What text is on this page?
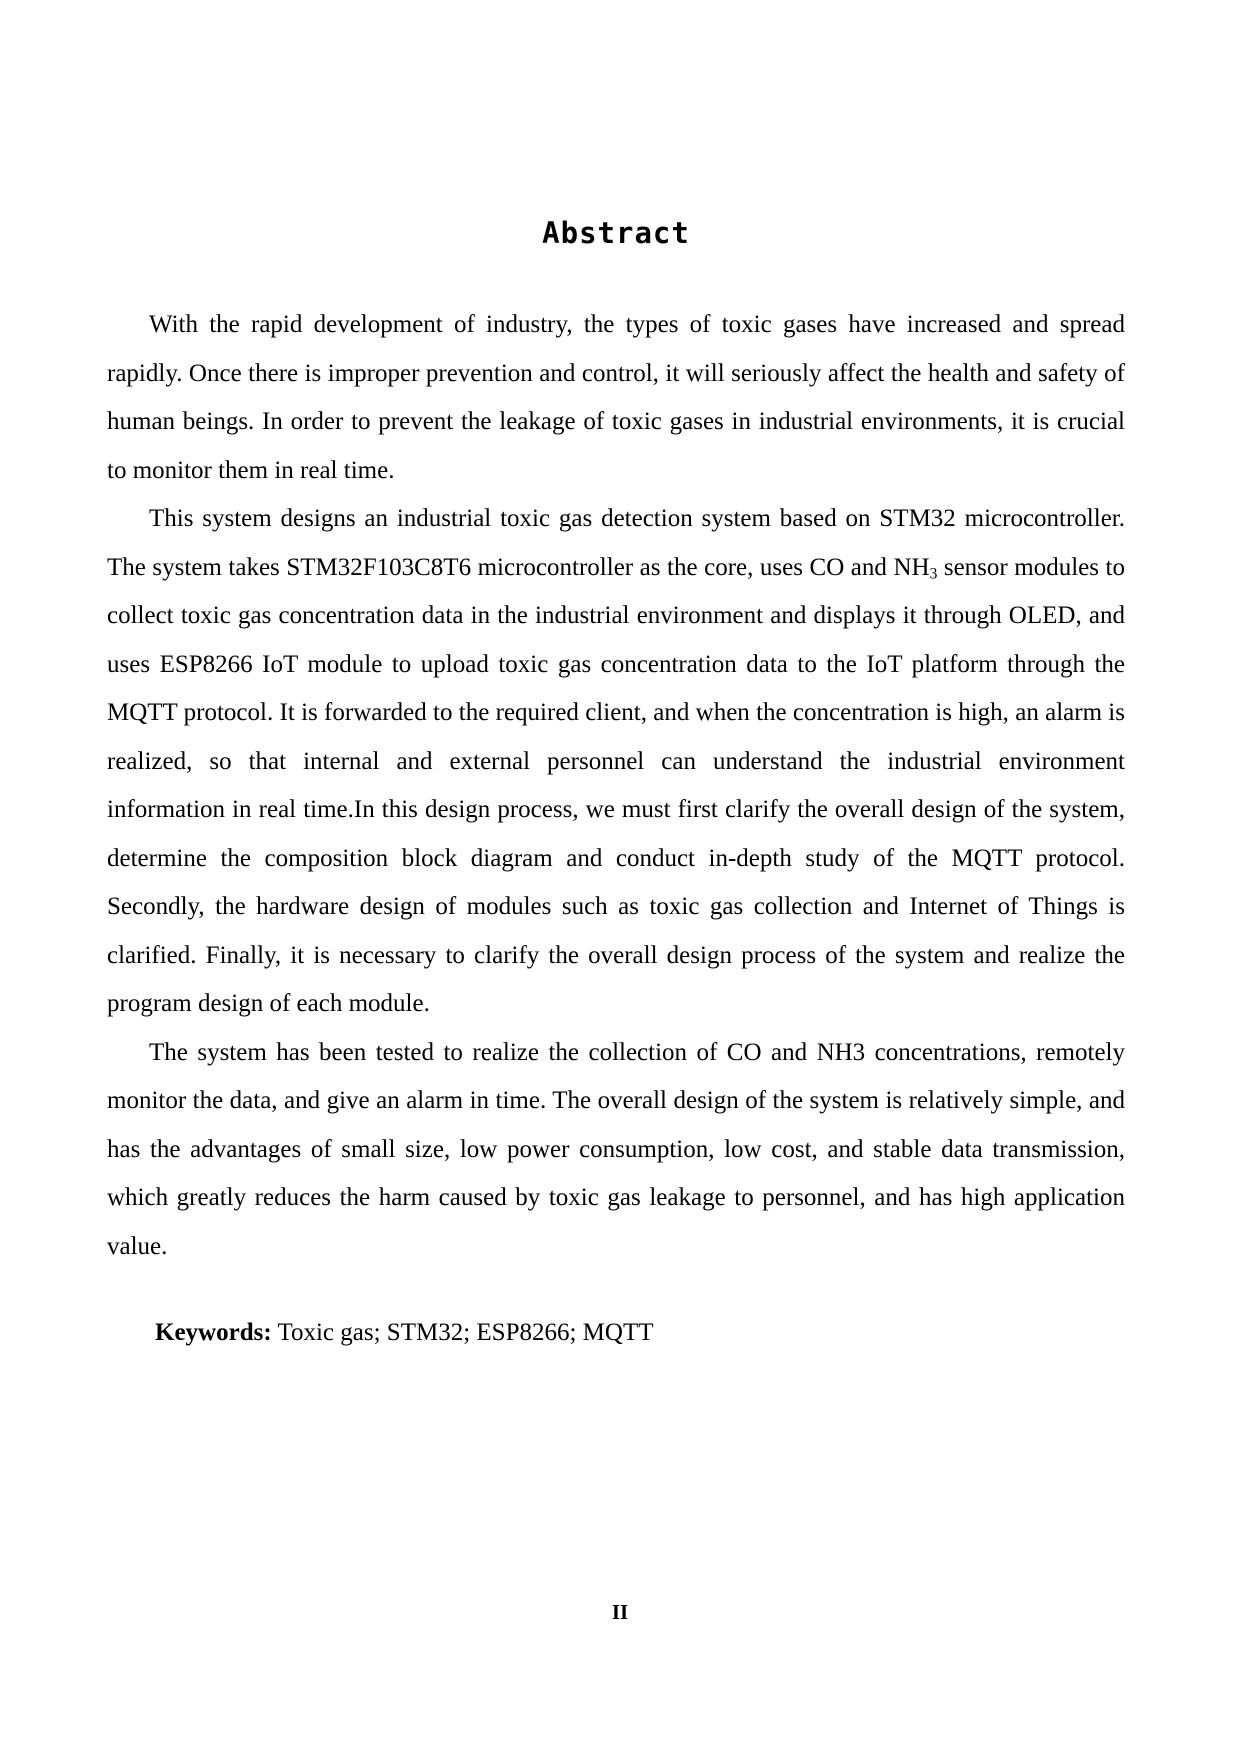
Abstract

With the rapid development of industry, the types of toxic gases have increased and spread rapidly. Once there is improper prevention and control, it will seriously affect the health and safety of human beings. In order to prevent the leakage of toxic gases in industrial environments, it is crucial to monitor them in real time.

This system designs an industrial toxic gas detection system based on STM32 microcontroller. The system takes STM32F103C8T6 microcontroller as the core, uses CO and $NH_3$ sensor modules to collect toxic gas concentration data in the industrial environment and displays it through OLED, and uses ESP8266 IoT module to upload toxic gas concentration data to the IoT platform through the MQTT protocol. It is forwarded to the required client, and when the concentration is high, an alarm is realized, so that internal and external personnel can understand the industrial environment information in real time.In this design process, we must first clarify the overall design of the system, determine the composition block diagram and conduct in-depth study of the MQTT protocol. Secondly, the hardware design of modules such as toxic gas collection and Internet of Things is clarified. Finally, it is necessary to clarify the overall design process of the system and realize the program design of each module.

The system has been tested to realize the collection of CO and NH3 concentrations, remotely monitor the data, and give an alarm in time. The overall design of the system is relatively simple, and has the advantages of small size, low power consumption, low cost, and stable data transmission, which greatly reduces the harm caused by toxic gas leakage to personnel, and has high application value.

Keywords: Toxic gas; STM32; ESP8266; MQTT

II
